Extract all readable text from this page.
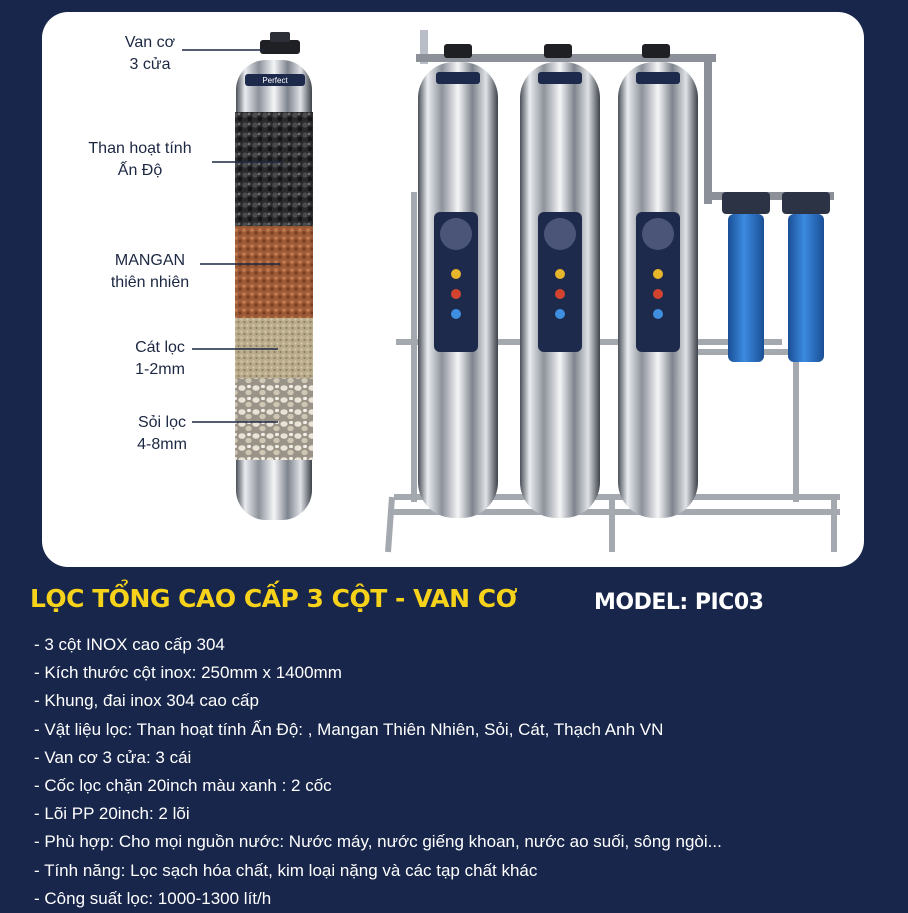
Perfect
Van cơ
3 cửa
Than hoạt tính
Ấn Độ
MANGAN
thiên nhiên
Cát lọc
1-2mm
Sỏi lọc
4-8mm
LỌC TỔNG CAO CẤP 3 CỘT - VAN CƠ	MODEL: PIC03
- 3 cột INOX cao cấp 304
- Kích thước cột inox: 250mm x 1400mm
- Khung, đai inox 304 cao cấp
- Vật liệu lọc: Than hoạt tính Ấn Độ: , Mangan Thiên Nhiên, Sỏi, Cát, Thạch Anh VN
- Van cơ 3 cửa: 3 cái
- Cốc lọc chặn 20inch màu xanh : 2 cốc
- Lõi PP 20inch: 2 lõi
- Phù hợp: Cho mọi nguồn nước: Nước máy, nước giếng khoan, nước ao suối, sông ngòi...
- Tính năng: Lọc sạch hóa chất, kim loại nặng và các tạp chất khác
- Công suất lọc: 1000-1300 lít/h
